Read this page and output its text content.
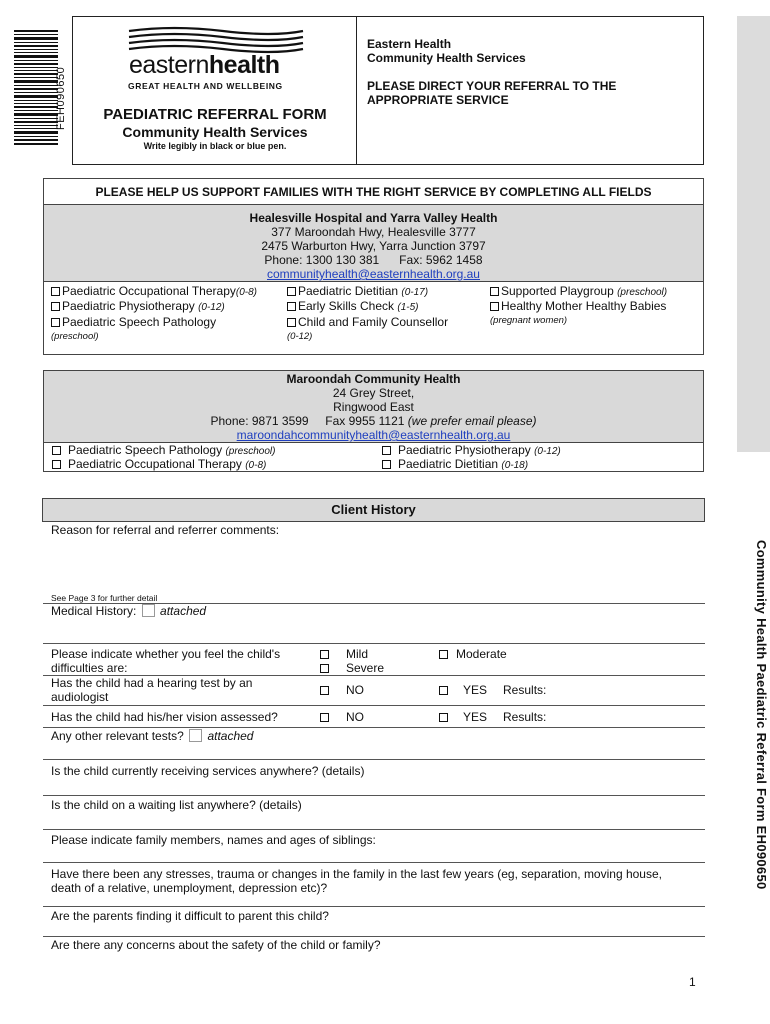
FEH090650
easternhealth
GREAT HEALTH AND WELLBEING
PAEDIATRIC REFERRAL FORM
Community Health Services
Write legibly in black or blue pen.
Eastern Health
Community Health Services
PLEASE DIRECT YOUR REFERRAL TO THE
APPROPRIATE SERVICE
Community Health Paediatric Referral Form EH090650
PLEASE HELP US SUPPORT FAMILIES WITH THE RIGHT SERVICE BY COMPLETING ALL FIELDS
Healesville Hospital and Yarra Valley Health
377 Maroondah Hwy, Healesville 3777
2475 Warburton Hwy, Yarra Junction 3797
Phone: 1300 130 381      Fax: 5962 1458
communityhealth@easternhealth.org.au
Paediatric Occupational Therapy(0-8)
Paediatric Physiotherapy (0-12)
Paediatric Speech Pathology
(preschool)
Paediatric Dietitian (0-17)
Early Skills Check (1-5)
Child and Family Counsellor
(0-12)
Supported Playgroup (preschool)
Healthy Mother Healthy Babies
(pregnant women)
Maroondah Community Health
24 Grey Street,
Ringwood East
Phone: 9871 3599     Fax 9955 1121 (we prefer email please)
maroondahcommunityhealth@easternhealth.org.au
Paediatric Speech Pathology (preschool)
Paediatric Occupational Therapy (0-8)
Paediatric Physiotherapy (0-12)
Paediatric Dietitian (0-18)
Client History
Reason for referral and referrer comments:
See Page 3 for further detail
Medical History: attached
Please indicate whether you feel the child's difficulties are:
Mild
Severe
Moderate
Has the child had a hearing test by an audiologist	NO	YES Results:
Has the child had his/her vision assessed?	NO	YES Results:
Any other relevant tests? attached
Is the child currently receiving services anywhere? (details)
Is the child on a waiting list anywhere? (details)
Please indicate family members, names and ages of siblings:
Have there been any stresses, trauma or changes in the family in the last few years (eg, separation, moving house, death of a relative, unemployment, depression etc)?
Are the parents finding it difficult to parent this child?
Are there any concerns about the safety of the child or family?
1
